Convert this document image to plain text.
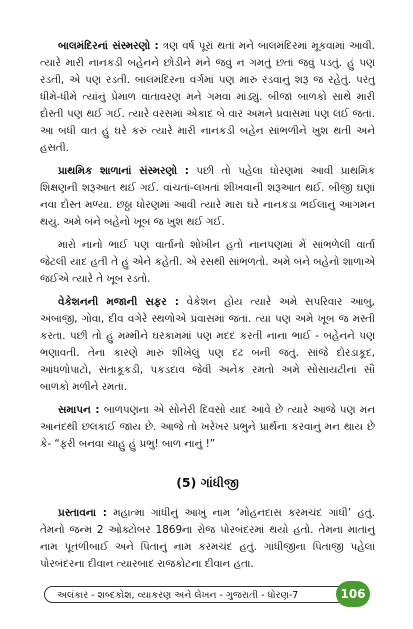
બાલમંદિરનાં સંસ્મરણો : ત્રણ વર્ષ પૂરાં થતાં મને બાલમંદિરમાં મૂકવામાં આવી. ત્યારે મારી નાનકડી બહેનને છોડીને મને જવું ન ગમતું છતાં જવું પડતું. હું પણ રડતી, એ પણ રડતી. બાલમંદિરના વર્ગમાં પણ મારું રડવાનું શરૂ જ રહેતું. પરંતુ ધીમે-ધીમે ત્યાંનું પ્રેમાળ વાતાવરણ મને ગમવા માંડ્યું. બીજાં બાળકો સાથે મારી દોસ્તી પણ થઈ ગઈ. ત્યારે વરસમાં એકાદ બે વાર અમને પ્રવાસમાં પણ લઈ જતાં. આ બધી વાત હું ઘરે કરું ત્યારે મારી નાનકડી બહેન સાંભળીને ખુશ થતી અને હસતી.

પ્રાથમિક શાળાનાં સંસ્મરણો : પછી તો પહેલા ધોરણમાં આવી પ્રાથમિક શિક્ષણની શરૂઆત થઈ ગઈ. વાંચતાં-લખતાં શીખવાની શરૂઆત થઈ. બીજી ઘણાં નવા દોસ્ત મળ્યા. છઠ્ઠા ધોરણમાં આવી ત્યારે મારા ઘરે નાનકડા ભઈલાનું આગમન થયું. અમે બંને બહેનો ખૂબ જ ખુશ થઈ ગઈ.

મારો નાનો ભાઈ પણ વાર્તાનો શોખીન હતો નાનપણમાં મેં સાંભળેલી વાર્તા જેટલી યાદ હતી તે હું એને કહેતી. એ રસથી સાંભળતો. અમે બંને બહેનો શાળાએ જઈએ ત્યારે તે ખૂબ રડતો.

વેકેશનની મજાની સફર : વેકેશન હોય ત્યારે અમે સપરિવાર આબુ, અંબાજી, ગોવા, દીવ વગેરે સ્થળોએ પ્રવાસમાં જતાં. ત્યાં પણ અમે ખૂબ જ મસ્તી કરતા. પછી તો હું મમ્મીને ઘરકામમાં પણ મદદ કરતી નાના ભાઈ - બહેનને પણ ભણાવતી. તેના કારણે મારું શીખેલું પણ દઢ બની જતું. સાંજે દોરડાકૂદ, આંધળોપાટો, સંતાકૂકડી, પકડદાવ જેવી અનેક રમતો અમે સોસાયટીનાં સૌ બાળકો મળીને રમતાં.

સમાપન : બાળપણના એ સોનેરી દિવસો યાદ આવે છે ત્યારે આજે પણ મન આનંદથી છલકાઈ જાય છે. આજે તો ખરેખર પ્રભુને પ્રાર્થના કરવાનું મન થાય છે કે- “ફરી બનવા ચાહુ હું પ્રભુ! બાળ નાનું !”

(5) ગાંધીજી

પ્રસ્તાવના : મહાત્મા ગાંધીનું આખું નામ ‘મોહનદાસ કરમચંદ ગાંધી’ હતું. તેમનો જન્મ 2 ઓક્ટોબર 1869ના રોજ પોરબંદરમાં થયો હતો. તેમના માતાનું નામ પૂતળીબાઈ અને પિતાનું નામ કરમચંદ હતું. ગાંધીજીના પિતાજી પહેલાં પોરબંદરના દીવાન ત્યારબાદ રાજકોટના દીવાન હતા.

અલંકાર - શબ્દકોશ, વ્યાકરણ અને લેખન - ગુજરાતી - ધોરણ-7	106
